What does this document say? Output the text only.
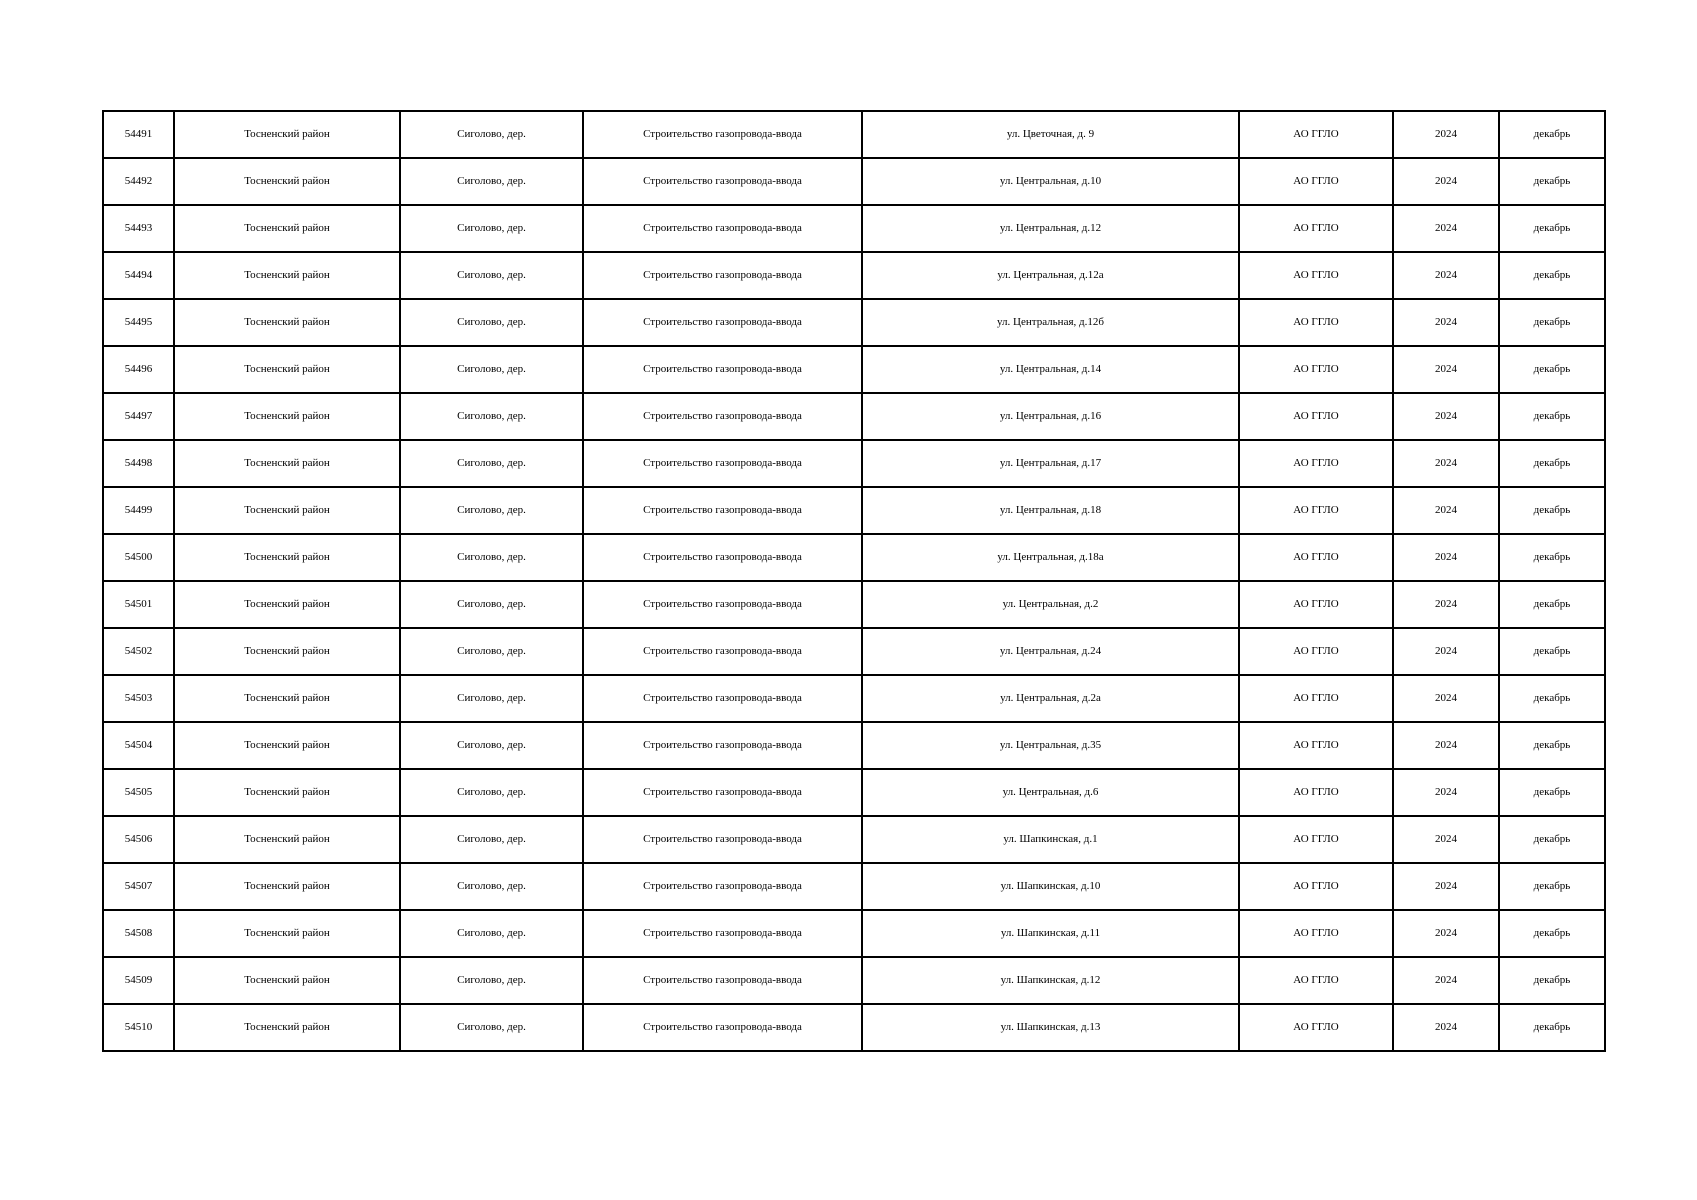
54491	Тосненский район	Сиголово, дер.	Строительство газопровода-ввода	ул. Цветочная, д. 9	АО ГГЛО	2024	декабрь
54492	Тосненский район	Сиголово, дер.	Строительство газопровода-ввода	ул. Центральная, д.10	АО ГГЛО	2024	декабрь
54493	Тосненский район	Сиголово, дер.	Строительство газопровода-ввода	ул. Центральная, д.12	АО ГГЛО	2024	декабрь
54494	Тосненский район	Сиголово, дер.	Строительство газопровода-ввода	ул. Центральная, д.12а	АО ГГЛО	2024	декабрь
54495	Тосненский район	Сиголово, дер.	Строительство газопровода-ввода	ул. Центральная, д.12б	АО ГГЛО	2024	декабрь
54496	Тосненский район	Сиголово, дер.	Строительство газопровода-ввода	ул. Центральная, д.14	АО ГГЛО	2024	декабрь
54497	Тосненский район	Сиголово, дер.	Строительство газопровода-ввода	ул. Центральная, д.16	АО ГГЛО	2024	декабрь
54498	Тосненский район	Сиголово, дер.	Строительство газопровода-ввода	ул. Центральная, д.17	АО ГГЛО	2024	декабрь
54499	Тосненский район	Сиголово, дер.	Строительство газопровода-ввода	ул. Центральная, д.18	АО ГГЛО	2024	декабрь
54500	Тосненский район	Сиголово, дер.	Строительство газопровода-ввода	ул. Центральная, д.18а	АО ГГЛО	2024	декабрь
54501	Тосненский район	Сиголово, дер.	Строительство газопровода-ввода	ул. Центральная, д.2	АО ГГЛО	2024	декабрь
54502	Тосненский район	Сиголово, дер.	Строительство газопровода-ввода	ул. Центральная, д.24	АО ГГЛО	2024	декабрь
54503	Тосненский район	Сиголово, дер.	Строительство газопровода-ввода	ул. Центральная, д.2а	АО ГГЛО	2024	декабрь
54504	Тосненский район	Сиголово, дер.	Строительство газопровода-ввода	ул. Центральная, д.35	АО ГГЛО	2024	декабрь
54505	Тосненский район	Сиголово, дер.	Строительство газопровода-ввода	ул. Центральная, д.6	АО ГГЛО	2024	декабрь
54506	Тосненский район	Сиголово, дер.	Строительство газопровода-ввода	ул. Шапкинская, д.1	АО ГГЛО	2024	декабрь
54507	Тосненский район	Сиголово, дер.	Строительство газопровода-ввода	ул. Шапкинская, д.10	АО ГГЛО	2024	декабрь
54508	Тосненский район	Сиголово, дер.	Строительство газопровода-ввода	ул. Шапкинская, д.11	АО ГГЛО	2024	декабрь
54509	Тосненский район	Сиголово, дер.	Строительство газопровода-ввода	ул. Шапкинская, д.12	АО ГГЛО	2024	декабрь
54510	Тосненский район	Сиголово, дер.	Строительство газопровода-ввода	ул. Шапкинская, д.13	АО ГГЛО	2024	декабрь
